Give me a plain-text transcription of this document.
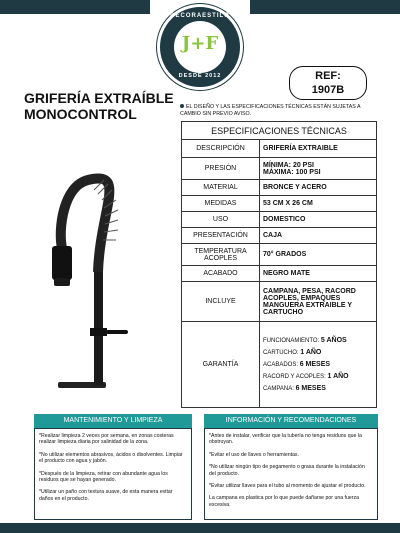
DECORAESTILO
J+F
DESDE 2012	REF:
1907B
GRIFERÍA EXTRAÍBLE
MONOCONTROL	EL DISEÑO Y LAS ESPECIFICACIONES TÉCNICAS ESTÁN SUJETAS A CAMBIO SIN PREVIO AVISO.
ESPECIFICACIONES TÉCNICAS	
DESCRIPCIÓN	GRIFERÍA EXTRAIBLE
PRESIÓN	MÍNIMA: 20 PSI
MÁXIMA: 100 PSI

MATERIAL	BRONCE Y ACERO
MEDIDAS	53 CM X 26 CM
USO	DOMESTICO
PRESENTACIÓN	CAJA
TEMPERATURA ACOPLES	70° GRADOS
ACABADO	NEGRO MATE
INCLUYE	CAMPANA, PESA, RACORD ACOPLES, EMPAQUES MANGUERA EXTRAIBLE Y CARTUCHO
GARANTÍA	FUNCIONAMIENTO: 5 AÑOS
CARTUCHO: 1 AÑO
ACABADOS: 6 MESES
RACORD Y ACOPLES: 1 AÑO
CAMPANA: 6 MESES
MANTENIMIENTO Y LIMPIEZA

*Realizar limpieza 2 veces por semana, en zonas costeras realizar limpieza diaria por salinidad de la zona.

*No utilizar elementos abrasivos, ácidos o disolventes. Limpiar el producto con agua y jabón.

*Después de la limpieza, retirar con abundante agua los residuos que se hayan generado.

*Utilizar un paño con textura suave, de esta manera evitar daños en el producto.

INFORMACIÓN Y RECOMENDACIONES

*Antes de instalar, verificar que la tubería no tenga residuos que la obstruyan.

*Evitar el uso de llaves o herramientas.

*No utilizar ningún tipo de pegamento o grasa durante la instalación del producto.

*Evitar utilizar llaves para el tubo al momento de ajustar el producto.

La campana es plastica por lo que puede dañarse por una fuerza excesiva.
